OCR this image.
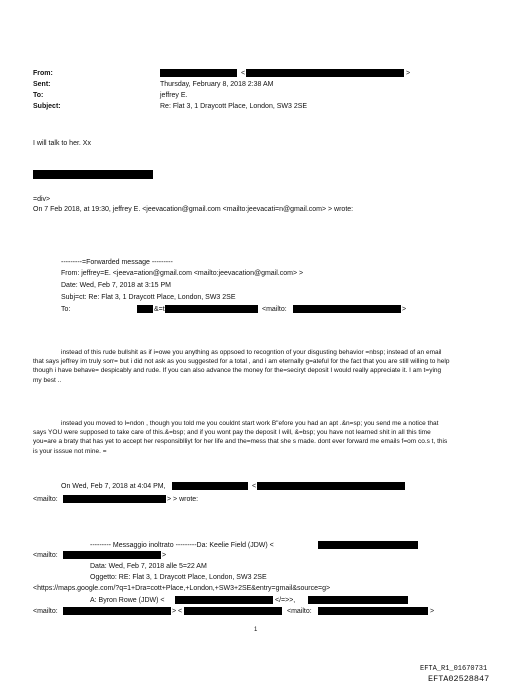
From:	<	>
Sent:	Thursday, February 8, 2018 2:38 AM
To:	jeffrey E.
Subject:	Re: Flat 3, 1 Draycott Place, London, SW3 2SE
I will talk to her. Xx
=div>
On 7 Feb 2018, at 19:30, jeffrey E. <jeevacation@gmail.com <mailto:jeevacati=n@gmail.com> > wrote:
---------=Forwarded message ---------
From: jeffrey=E. <jeeva=ation@gmail.com <mailto:jeevacation@gmail.com> >
Date: Wed, Feb 7, 2018 at 3:15 PM
Subj=ct: Re: Flat 3, 1 Draycott Place, London, SW3 2SE
To:	&=t	<mailto:	>
instead of this rude bullshit as if i=owe you anything as oppsoed to recogntion of your disgusting behavior =nbsp; instead of an email that says jeffrey im truly sorr= but i did not ask as you suggested for a total , and i am eternally g=ateful for the fact that you are still willing to help though i have behave= despicably and rude. If you can also advance the money for the=seciryt deposit I would really appreciate it. I am t=ying my best ..
instead you moved to l=ndon , though you told me you couldnt start work B"efore you had an apt .&n=sp; you send me a notice that says YOU were supposed to take care of this.&=bsp; and if you wont pay the deposit I will, &=bsp; you have not learned shit in all this time you=are a braty that has yet to accept her responsiblliyt for her life and the=mess that she s made. dont ever forward me emails f=om co.s t, this is your isssue not mine. =
On Wed, Feb 7, 2018 at 4:04 PM,	<
<mailto:	> > wrote:
--------- Messaggio inoltrato ---------Da: Keelie Field (JDW) <
<mailto:	>
Data: Wed, Feb 7, 2018 alle 5=22 AM
Oggetto: RE: Flat 3, 1 Draycott Place, London, SW3 2SE
<https://maps.google.com/?q=1+Dra=cott+Place,+London,+SW3+2SE&entry=gmail&source=g>
A: Byron Rowe (JDW) <	</=>>,
<mailto:	> <	<mailto:	>
1
EFTA_R1_01670731
EFTA02528847
